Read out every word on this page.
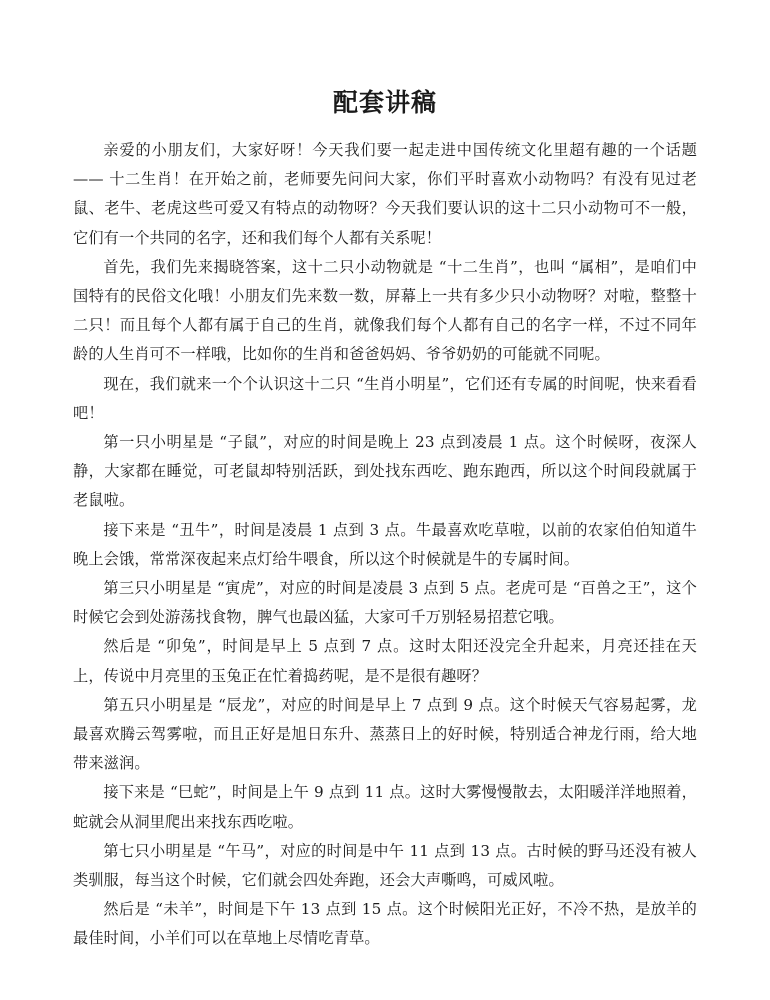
配套讲稿

亲爱的小朋友们，大家好呀！今天我们要一起走进中国传统文化里超有趣的一个话题—— 十二生肖！在开始之前，老师要先问问大家，你们平时喜欢小动物吗？有没有见过老鼠、老牛、老虎这些可爱又有特点的动物呀？今天我们要认识的这十二只小动物可不一般，它们有一个共同的名字，还和我们每个人都有关系呢！

首先，我们先来揭晓答案，这十二只小动物就是 “十二生肖”，也叫 “属相”，是咱们中国特有的民俗文化哦！小朋友们先来数一数，屏幕上一共有多少只小动物呀？对啦，整整十二只！而且每个人都有属于自己的生肖，就像我们每个人都有自己的名字一样，不过不同年龄的人生肖可不一样哦，比如你的生肖和爸爸妈妈、爷爷奶奶的可能就不同呢。

现在，我们就来一个个认识这十二只 “生肖小明星”，它们还有专属的时间呢，快来看看吧！

第一只小明星是 “子鼠”，对应的时间是晚上 23 点到凌晨 1 点。这个时候呀，夜深人静，大家都在睡觉，可老鼠却特别活跃，到处找东西吃、跑东跑西，所以这个时间段就属于老鼠啦。

接下来是 “丑牛”，时间是凌晨 1 点到 3 点。牛最喜欢吃草啦，以前的农家伯伯知道牛晚上会饿，常常深夜起来点灯给牛喂食，所以这个时候就是牛的专属时间。

第三只小明星是 “寅虎”，对应的时间是凌晨 3 点到 5 点。老虎可是 “百兽之王”，这个时候它会到处游荡找食物，脾气也最凶猛，大家可千万别轻易招惹它哦。

然后是 “卯兔”，时间是早上 5 点到 7 点。这时太阳还没完全升起来，月亮还挂在天上，传说中月亮里的玉兔正在忙着捣药呢，是不是很有趣呀？

第五只小明星是 “辰龙”，对应的时间是早上 7 点到 9 点。这个时候天气容易起雾，龙最喜欢腾云驾雾啦，而且正好是旭日东升、蒸蒸日上的好时候，特别适合神龙行雨，给大地带来滋润。

接下来是 “巳蛇”，时间是上午 9 点到 11 点。这时大雾慢慢散去，太阳暖洋洋地照着，蛇就会从洞里爬出来找东西吃啦。

第七只小明星是 “午马”，对应的时间是中午 11 点到 13 点。古时候的野马还没有被人类驯服，每当这个时候，它们就会四处奔跑，还会大声嘶鸣，可威风啦。

然后是 “未羊”，时间是下午 13 点到 15 点。这个时候阳光正好，不冷不热，是放羊的最佳时间，小羊们可以在草地上尽情吃青草。
